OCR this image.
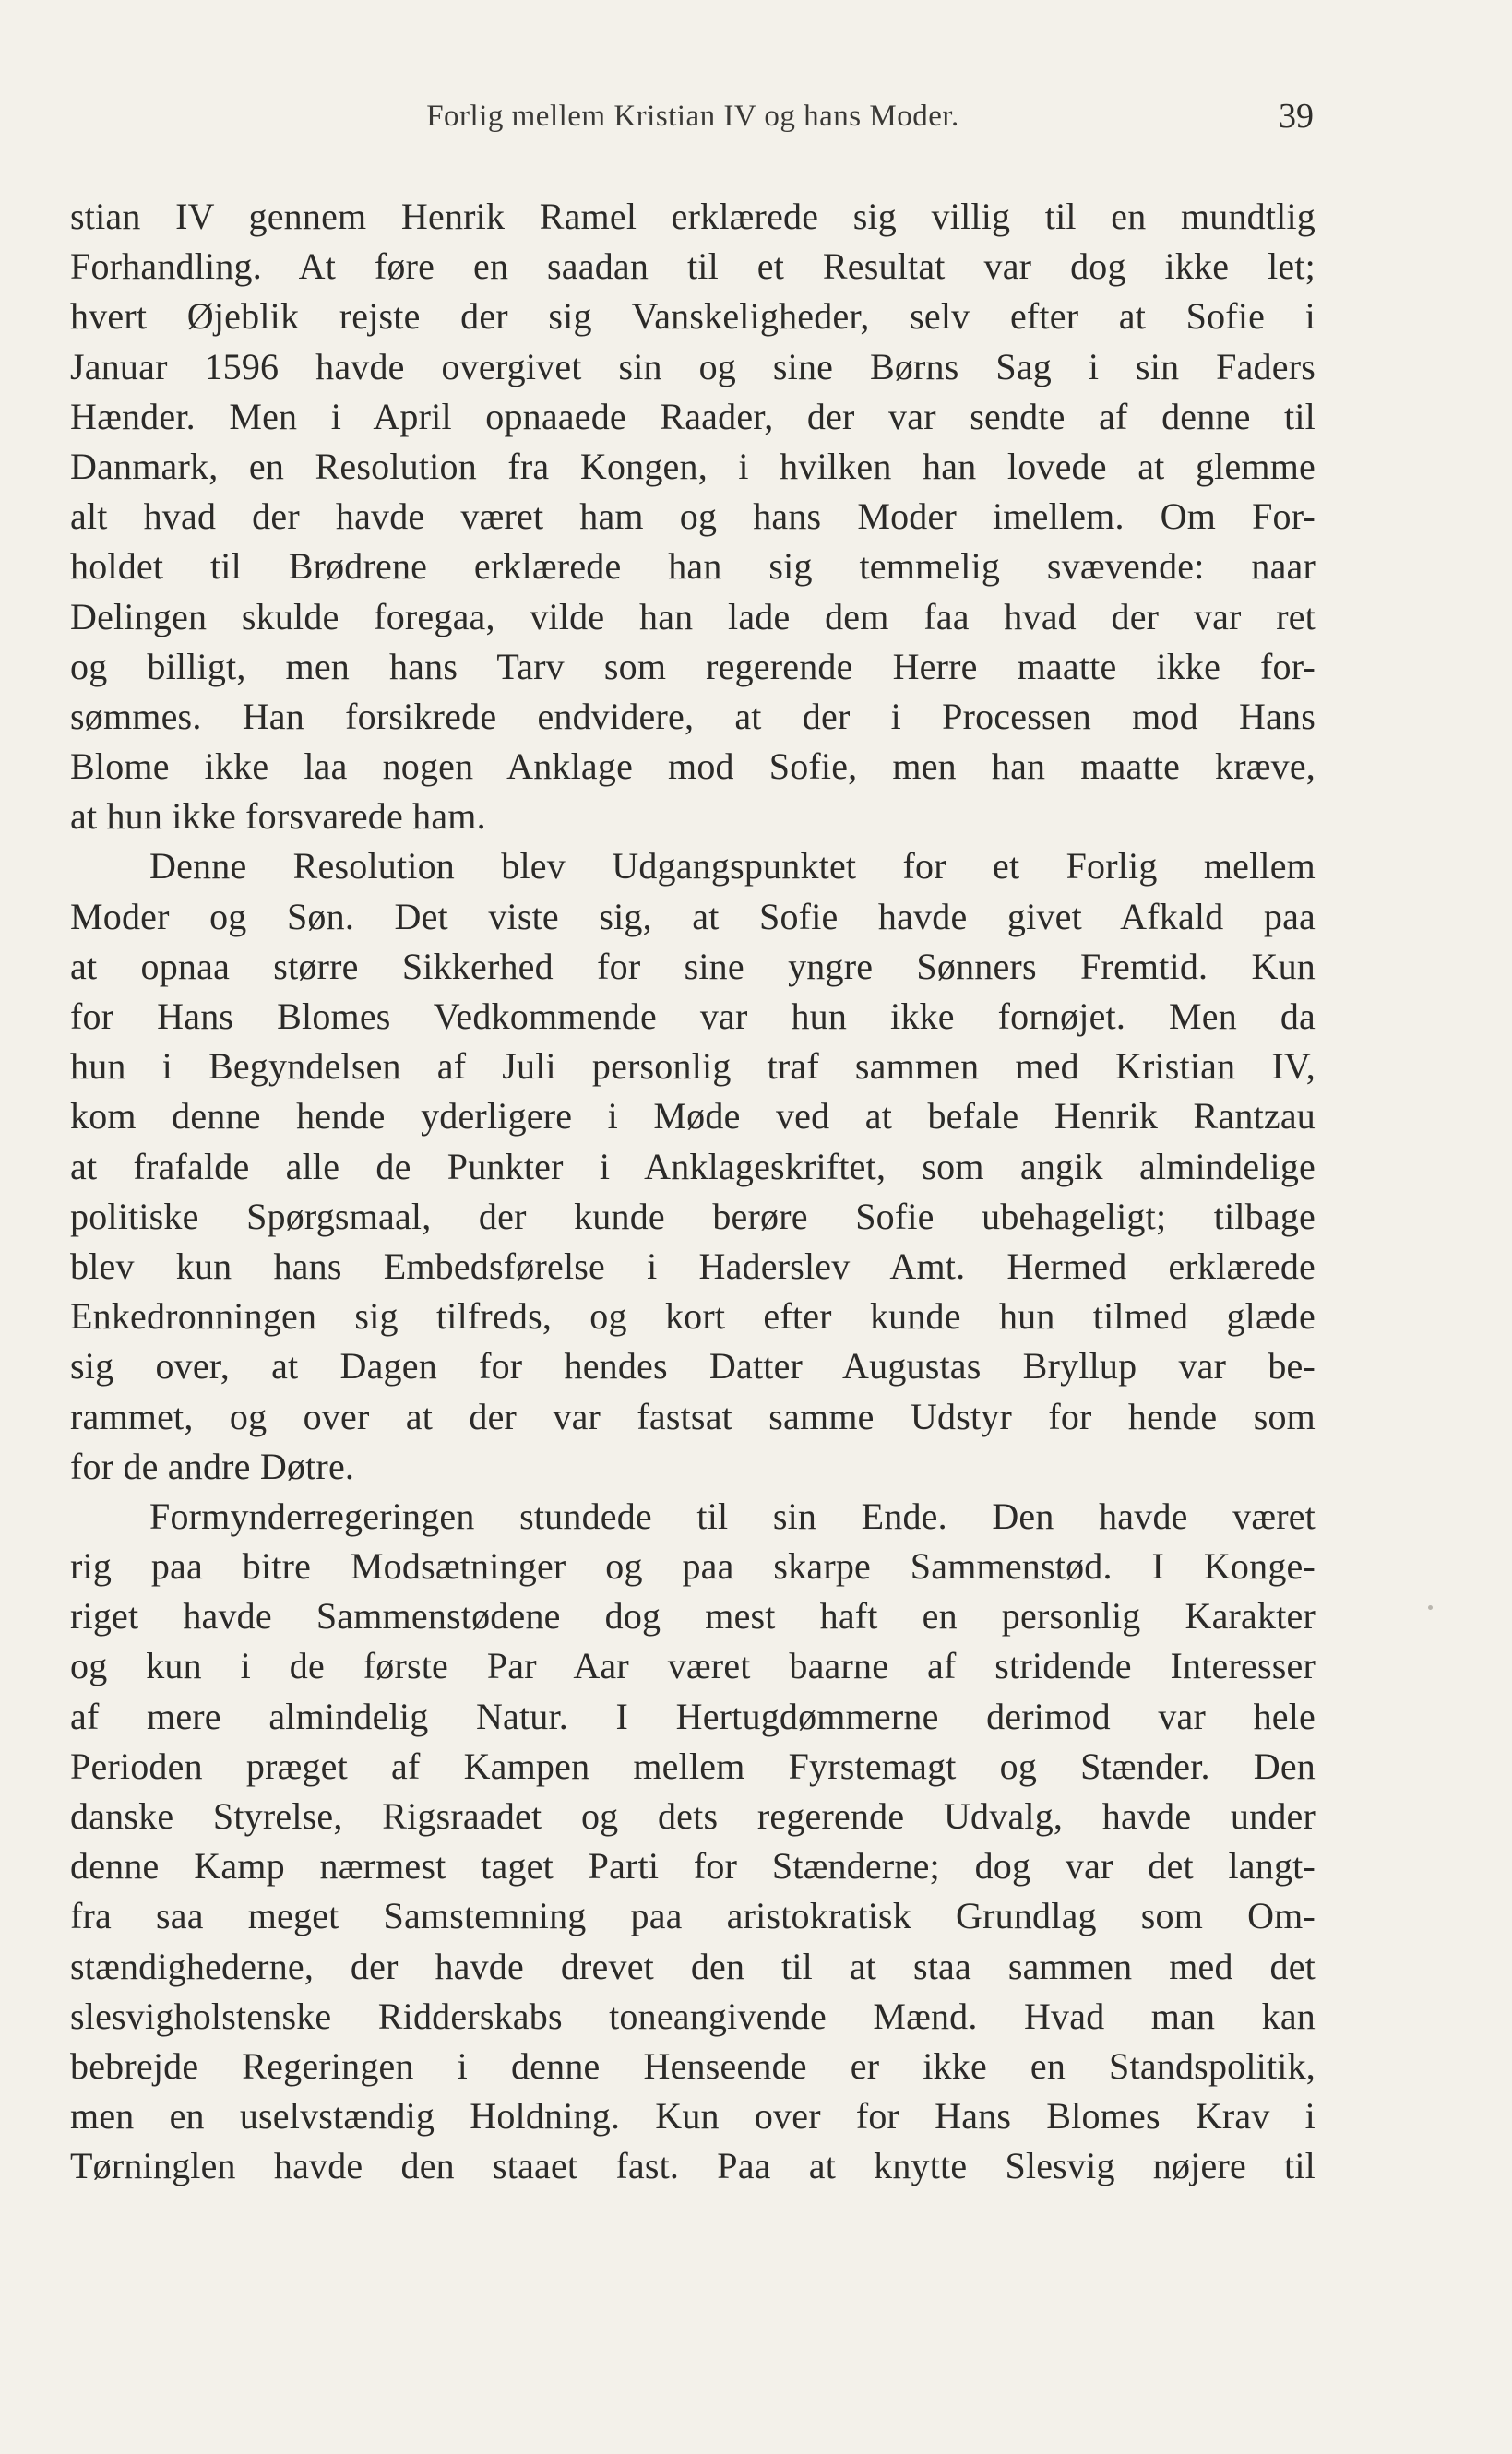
Forlig mellem Kristian IV og hans Moder.	39
stian IV gennem Henrik Ramel erklærede sig villig til en mundtlig
Forhandling. At føre en saadan til et Resultat var dog ikke let;
hvert Øjeblik rejste der sig Vanskeligheder, selv efter at Sofie i
Januar 1596 havde overgivet sin og sine Børns Sag i sin Faders
Hænder. Men i April opnaaede Raader, der var sendte af denne til
Danmark, en Resolution fra Kongen, i hvilken han lovede at glemme
alt hvad der havde været ham og hans Moder imellem. Om For-
holdet til Brødrene erklærede han sig temmelig svævende: naar
Delingen skulde foregaa, vilde han lade dem faa hvad der var ret
og billigt, men hans Tarv som regerende Herre maatte ikke for-
sømmes. Han forsikrede endvidere, at der i Processen mod Hans
Blome ikke laa nogen Anklage mod Sofie, men han maatte kræve,
at hun ikke forsvarede ham.
Denne Resolution blev Udgangspunktet for et Forlig mellem
Moder og Søn. Det viste sig, at Sofie havde givet Afkald paa
at opnaa større Sikkerhed for sine yngre Sønners Fremtid. Kun
for Hans Blomes Vedkommende var hun ikke fornøjet. Men da
hun i Begyndelsen af Juli personlig traf sammen med Kristian IV,
kom denne hende yderligere i Møde ved at befale Henrik Rantzau
at frafalde alle de Punkter i Anklageskriftet, som angik almindelige
politiske Spørgsmaal, der kunde berøre Sofie ubehageligt; tilbage
blev kun hans Embedsførelse i Haderslev Amt. Hermed erklærede
Enkedronningen sig tilfreds, og kort efter kunde hun tilmed glæde
sig over, at Dagen for hendes Datter Augustas Bryllup var be-
rammet, og over at der var fastsat samme Udstyr for hende som
for de andre Døtre.
Formynderregeringen stundede til sin Ende. Den havde været
rig paa bitre Modsætninger og paa skarpe Sammenstød. I Konge-
riget havde Sammenstødene dog mest haft en personlig Karakter
og kun i de første Par Aar været baarne af stridende Interesser
af mere almindelig Natur. I Hertugdømmerne derimod var hele
Perioden præget af Kampen mellem Fyrstemagt og Stænder. Den
danske Styrelse, Rigsraadet og dets regerende Udvalg, havde under
denne Kamp nærmest taget Parti for Stænderne; dog var det langt-
fra saa meget Samstemning paa aristokratisk Grundlag som Om-
stændighederne, der havde drevet den til at staa sammen med det
slesvigholstenske Ridderskabs toneangivende Mænd. Hvad man kan
bebrejde Regeringen i denne Henseende er ikke en Standspolitik,
men en uselvstændig Holdning. Kun over for Hans Blomes Krav i
Tørninglen havde den staaet fast. Paa at knytte Slesvig nøjere til
